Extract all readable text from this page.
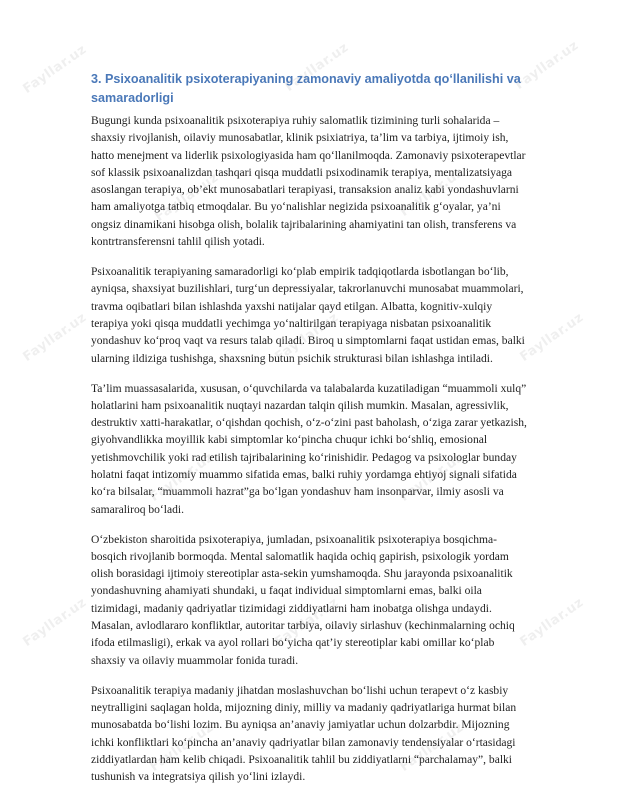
Fayllar.uz	Fayllar.uz	Fayllar.uz
Fayllar.uz	Fayllar.uz
Fayllar.uz	Fayllar.uz	Fayllar.uz
Fayllar.uz	Fayllar.uz
Fayllar.uz	Fayllar.uz	Fayllar.uz
Fayllar.uz	Fayllar.uz
3. Psixoanalitik psixoterapiyaning zamonaviy amaliyotda qo‘llanilishi va samaradorligi

Bugungi kunda psixoanalitik psixoterapiya ruhiy salomatlik tizimining turli sohalarida – shaxsiy rivojlanish, oilaviy munosabatlar, klinik psixiatriya, ta’lim va tarbiya, ijtimoiy ish, hatto menejment va liderlik psixologiyasida ham qo‘llanilmoqda. Zamonaviy psixoterapevtlar sof klassik psixoanalizdan tashqari qisqa muddatli psixodinamik terapiya, mentalizatsiyaga asoslangan terapiya, ob’ekt munosabatlari terapiyasi, transaksion analiz kabi yondashuvlarni ham amaliyotga tatbiq etmoqdalar. Bu yo‘nalishlar negizida psixoanalitik g‘oyalar, ya’ni ongsiz dinamikani hisobga olish, bolalik tajribalarining ahamiyatini tan olish, transferens va kontrtransferensni tahlil qilish yotadi.

Psixoanalitik terapiyaning samaradorligi ko‘plab empirik tadqiqotlarda isbotlangan bo‘lib, ayniqsa, shaxsiyat buzilishlari, turg‘un depressiyalar, takrorlanuvchi munosabat muammolari, travma oqibatlari bilan ishlashda yaxshi natijalar qayd etilgan. Albatta, kognitiv-xulqiy terapiya yoki qisqa muddatli yechimga yo‘naltirilgan terapiyaga nisbatan psixoanalitik yondashuv ko‘proq vaqt va resurs talab qiladi. Biroq u simptomlarni faqat ustidan emas, balki ularning ildiziga tushishga, shaxsning butun psichik strukturasi bilan ishlashga intiladi.

Ta’lim muassasalarida, xususan, o‘quvchilarda va talabalarda kuzatiladigan “muammoli xulq” holatlarini ham psixoanalitik nuqtayi nazardan talqin qilish mumkin. Masalan, agressivlik, destruktiv xatti-harakatlar, o‘qishdan qochish, o‘z-o‘zini past baholash, o‘ziga zarar yetkazish, giyohvandlikka moyillik kabi simptomlar ko‘pincha chuqur ichki bo‘shliq, emosional yetishmovchilik yoki rad etilish tajribalarining ko‘rinishidir. Pedagog va psixologlar bunday holatni faqat intizomiy muammo sifatida emas, balki ruhiy yordamga ehtiyoj signali sifatida ko‘ra bilsalar, “muammoli hazrat”ga bo‘lgan yondashuv ham insonparvar, ilmiy asosli va samaraliroq bo‘ladi.

O‘zbekiston sharoitida psixoterapiya, jumladan, psixoanalitik psixoterapiya bosqichma-bosqich rivojlanib bormoqda. Mental salomatlik haqida ochiq gapirish, psixologik yordam olish borasidagi ijtimoiy stereotiplar asta-sekin yumshamoqda. Shu jarayonda psixoanalitik yondashuvning ahamiyati shundaki, u faqat individual simptomlarni emas, balki oila tizimidagi, madaniy qadriyatlar tizimidagi ziddiyatlarni ham inobatga olishga undaydi. Masalan, avlodlararo konfliktlar, autoritar tarbiya, oilaviy sirlashuv (kechinmalarning ochiq ifoda etilmasligi), erkak va ayol rollari bo‘yicha qat’iy stereotiplar kabi omillar ko‘plab shaxsiy va oilaviy muammolar fonida turadi.

Psixoanalitik terapiya madaniy jihatdan moslashuvchan bo‘lishi uchun terapevt o‘z kasbiy neytralligini saqlagan holda, mijozning diniy, milliy va madaniy qadriyatlariga hurmat bilan munosabatda bo‘lishi lozim. Bu ayniqsa an’anaviy jamiyatlar uchun dolzarbdir. Mijozning ichki konfliktlari ko‘pincha an’anaviy qadriyatlar bilan zamonaviy tendensiyalar o‘rtasidagi ziddiyatlardan ham kelib chiqadi. Psixoanalitik tahlil bu ziddiyatlarni “parchalamay”, balki tushunish va integratsiya qilish yo‘lini izlaydi.
